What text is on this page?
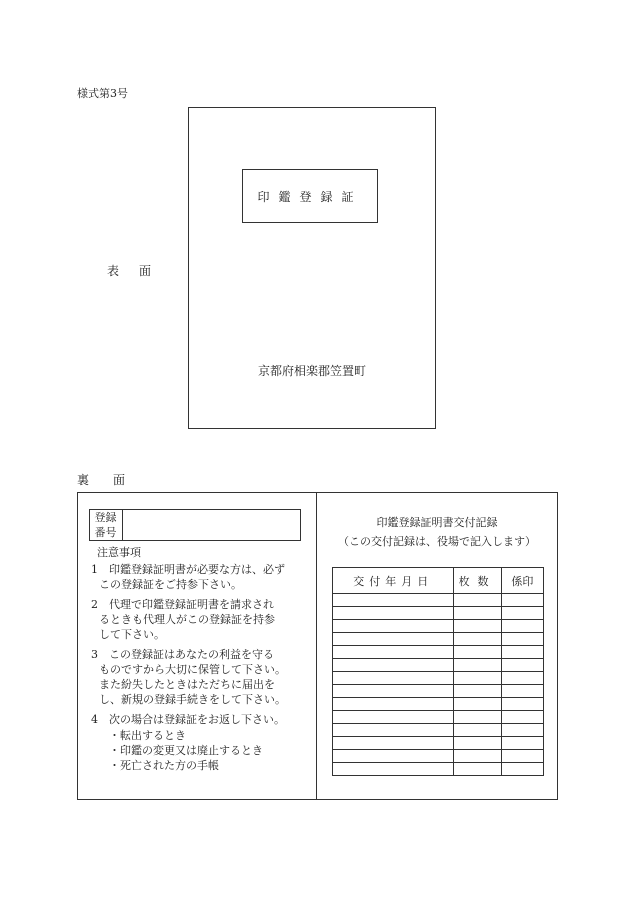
様式第3号
表 面
印鑑登録証
京都府相楽郡笠置町
裏 面
登録
番号
注意事項
1	印鑑登録証明書が必要な方は、必ず
この登録証をご持参下さい。
2	代理で印鑑登録証明書を請求され
るときも代理人がこの登録証を持参
して下さい。
3	この登録証はあなたの利益を守る
ものですから大切に保管して下さい。
また紛失したときはただちに届出を
し、新規の登録手続きをして下さい。
4	次の場合は登録証をお返し下さい。
・転出するとき
・印鑑の変更又は廃止するとき
・死亡された方の手帳
印鑑登録証明書交付記録
（この交付記録は、役場で記入します）
交付年月日	枚数	係印
